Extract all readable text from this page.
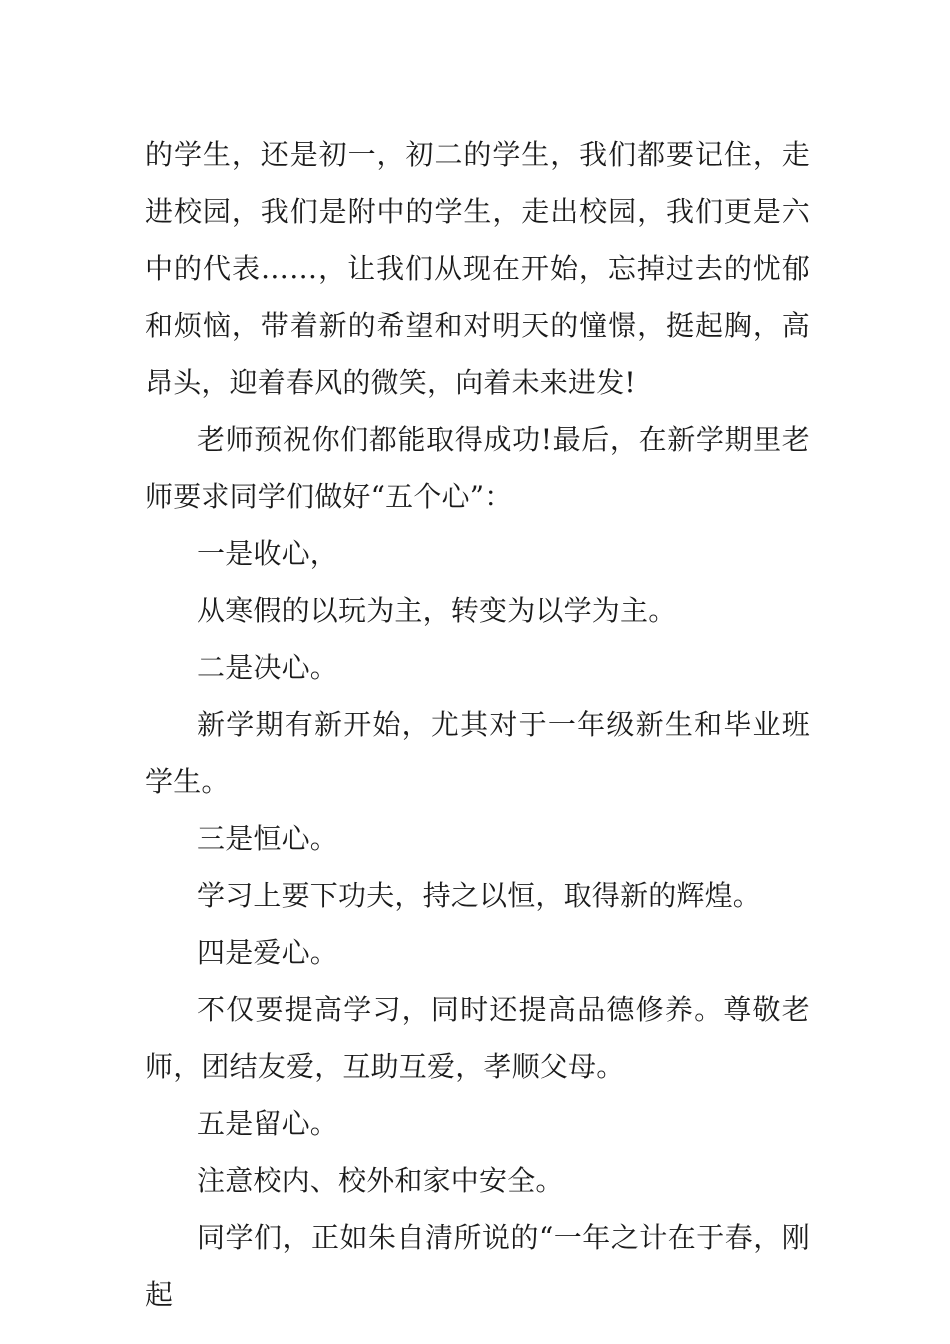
的学生，还是初一，初二的学生，我们都要记住，走进校园，我们是附中的学生，走出校园，我们更是六中的代表……，让我们从现在开始，忘掉过去的忧郁和烦恼，带着新的希望和对明天的憧憬，挺起胸，高昂头，迎着春风的微笑，向着未来进发!

老师预祝你们都能取得成功!最后，在新学期里老师要求同学们做好“五个心”：

一是收心，

从寒假的以玩为主，转变为以学为主。

二是决心。

新学期有新开始，尤其对于一年级新生和毕业班学生。

三是恒心。

学习上要下功夫，持之以恒，取得新的辉煌。

四是爱心。

不仅要提高学习，同时还提高品德修养。尊敬老师，团结友爱，互助互爱，孝顺父母。

五是留心。

注意校内、校外和家中安全。

同学们，正如朱自清所说的“一年之计在于春，刚起
